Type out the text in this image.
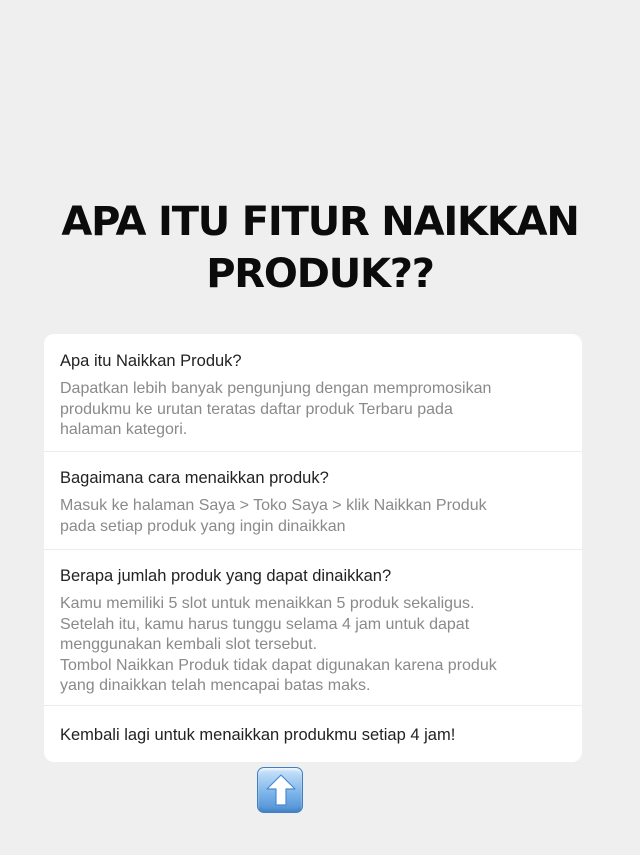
APA ITU FITUR NAIKKAN
PRODUK??
Apa itu Naikkan Produk?
Dapatkan lebih banyak pengunjung dengan mempromosikan
produkmu ke urutan teratas daftar produk Terbaru pada
halaman kategori.
Bagaimana cara menaikkan produk?
Masuk ke halaman Saya > Toko Saya > klik Naikkan Produk
pada setiap produk yang ingin dinaikkan
Berapa jumlah produk yang dapat dinaikkan?
Kamu memiliki 5 slot untuk menaikkan 5 produk sekaligus.
Setelah itu, kamu harus tunggu selama 4 jam untuk dapat
menggunakan kembali slot tersebut.
Tombol Naikkan Produk tidak dapat digunakan karena produk
yang dinaikkan telah mencapai batas maks.
Kembali lagi untuk menaikkan produkmu setiap 4 jam!
